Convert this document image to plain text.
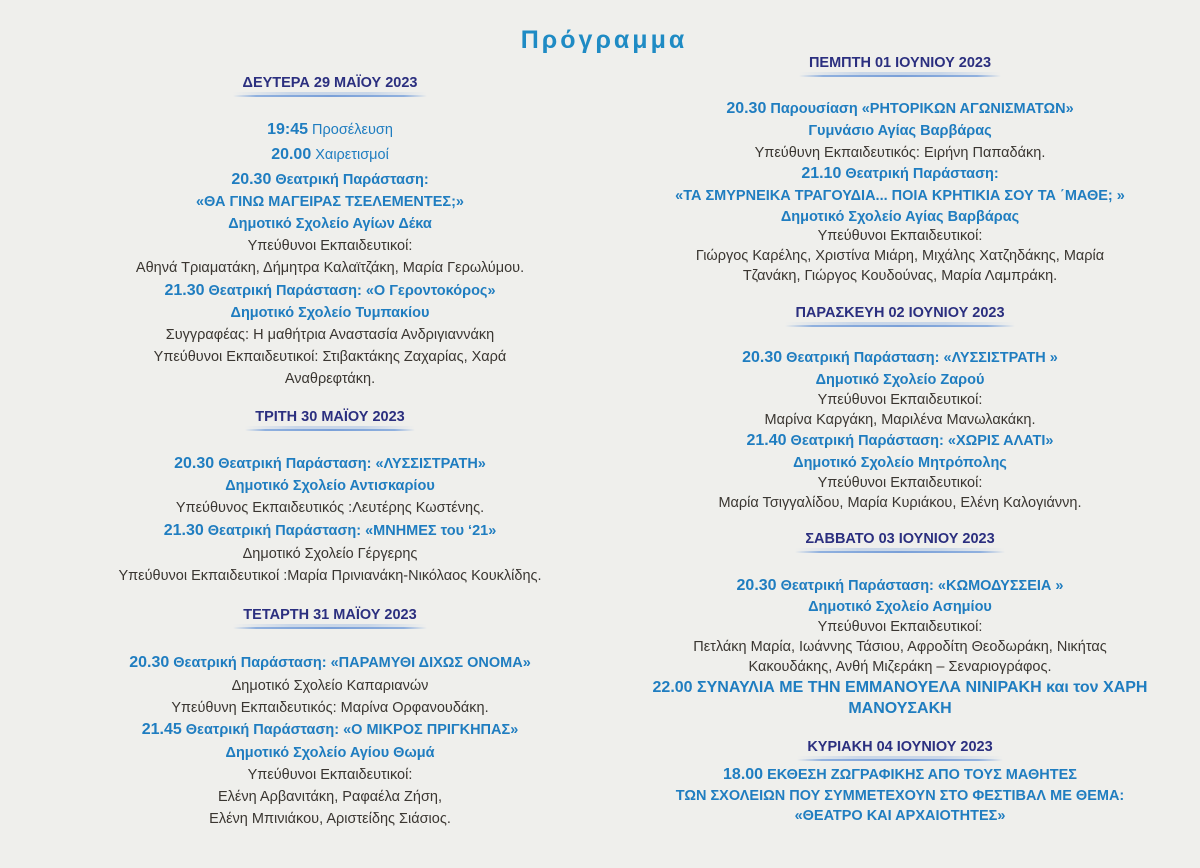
Πρόγραμμα
ΔΕΥΤΕΡΑ 29 ΜΑΪΟΥ 2023
19:45 Προσέλευση
20.00 Χαιρετισμοί
20.30 Θεατρική Παράσταση:
«ΘΑ ΓΙΝΩ ΜΑΓΕΙΡΑΣ ΤΣΕΛΕΜΕΝΤΕΣ;»
Δημοτικό Σχολείο Αγίων Δέκα
Υπεύθυνοι Εκπαιδευτικοί:
Αθηνά Τριαματάκη, Δήμητρα Καλαϊτζάκη, Μαρία Γερωλύμου.
21.30 Θεατρική Παράσταση: «Ο Γεροντοκόρος»
Δημοτικό Σχολείο Τυμπακίου
Συγγραφέας: Η μαθήτρια Αναστασία Ανδριγιαννάκη
Υπεύθυνοι Εκπαιδευτικοί: Στιβακτάκης Ζαχαρίας, Χαρά
Αναθρεφτάκη.
ΤΡΙΤΗ 30 ΜΑΪΟΥ 2023
20.30 Θεατρική Παράσταση: «ΛΥΣΣΙΣΤΡΑΤΗ»
Δημοτικό Σχολείο Αντισκαρίου
Υπεύθυνος Εκπαιδευτικός :Λευτέρης Κωστένης.
21.30 Θεατρική Παράσταση: «ΜΝΗΜΕΣ του ‘21»
Δημοτικό Σχολείο Γέργερης
Υπεύθυνοι Εκπαιδευτικοί :Μαρία Πρινιανάκη-Νικόλαος Κουκλίδης.
ΤΕΤΑΡΤΗ 31 ΜΑΪΟΥ 2023
20.30 Θεατρική Παράσταση: «ΠΑΡΑΜΥΘΙ ΔΙΧΩΣ ΟΝΟΜΑ»
Δημοτικό Σχολείο Καπαριανών
Υπεύθυνη Εκπαιδευτικός: Μαρίνα Ορφανουδάκη.
21.45 Θεατρική Παράσταση: «Ο ΜΙΚΡΟΣ ΠΡΙΓΚΗΠΑΣ»
Δημοτικό Σχολείο Αγίου Θωμά
Υπεύθυνοι Εκπαιδευτικοί:
Ελένη Αρβανιτάκη, Ραφαέλα Ζήση,
Ελένη Μπινιάκου, Αριστείδης Σιάσιος.
ΠΕΜΠΤΗ 01 ΙΟΥΝΙΟΥ 2023
20.30 Παρουσίαση «ΡΗΤΟΡΙΚΩΝ ΑΓΩΝΙΣΜΑΤΩΝ»
Γυμνάσιο Αγίας Βαρβάρας
Υπεύθυνη Εκπαιδευτικός: Ειρήνη Παπαδάκη.
21.10 Θεατρική Παράσταση:
«ΤΑ ΣΜΥΡΝΕΙΚΑ ΤΡΑΓΟΥΔΙΑ... ΠΟΙΑ ΚΡΗΤΙΚΙΑ ΣΟΥ ΤΑ ΄ΜΑΘΕ; »
Δημοτικό Σχολείο Αγίας Βαρβάρας
Υπεύθυνοι Εκπαιδευτικοί:
Γιώργος Καρέλης, Χριστίνα Μιάρη, Μιχάλης Χατζηδάκης, Μαρία
Τζανάκη, Γιώργος Κουδούνας, Μαρία Λαμπράκη.
ΠΑΡΑΣΚΕΥΗ 02 ΙΟΥΝΙΟΥ 2023
20.30 Θεατρική Παράσταση: «ΛΥΣΣΙΣΤΡΑΤΗ »
Δημοτικό Σχολείο Ζαρού
Υπεύθυνοι Εκπαιδευτικοί:
Μαρίνα Καργάκη, Μαριλένα Μανωλακάκη.
21.40 Θεατρική Παράσταση: «ΧΩΡΙΣ ΑΛΑΤΙ»
Δημοτικό Σχολείο Μητρόπολης
Υπεύθυνοι Εκπαιδευτικοί:
Μαρία Τσιγγαλίδου, Μαρία Κυριάκου, Ελένη Καλογιάννη.
ΣΑΒΒΑΤΟ 03 ΙΟΥΝΙΟΥ 2023
20.30 Θεατρική Παράσταση: «ΚΩΜΟΔΥΣΣΕΙΑ »
Δημοτικό Σχολείο Ασημίου
Υπεύθυνοι Εκπαιδευτικοί:
Πετλάκη Μαρία, Ιωάννης Τάσιου, Αφροδίτη Θεοδωράκη, Νικήτας
Κακουδάκης, Ανθή Μιζεράκη – Σεναριογράφος.
22.00 ΣΥΝΑΥΛΙΑ ΜΕ ΤΗΝ ΕΜΜΑΝΟΥΕΛΑ ΝΙΝΙΡΑΚΗ και τον ΧΑΡΗ
ΜΑΝΟΥΣΑΚΗ
ΚΥΡΙΑΚΗ 04 ΙΟΥΝΙΟΥ 2023
18.00 ΕΚΘΕΣΗ ΖΩΓΡΑΦΙΚΗΣ ΑΠΟ ΤΟΥΣ ΜΑΘΗΤΕΣ
ΤΩΝ ΣΧΟΛΕΙΩΝ ΠΟΥ ΣΥΜΜΕΤΕΧΟΥΝ ΣΤΟ ΦΕΣΤΙΒΑΛ ΜΕ ΘΕΜΑ:
«ΘΕΑΤΡΟ ΚΑΙ ΑΡΧΑΙΟΤΗΤΕΣ»
